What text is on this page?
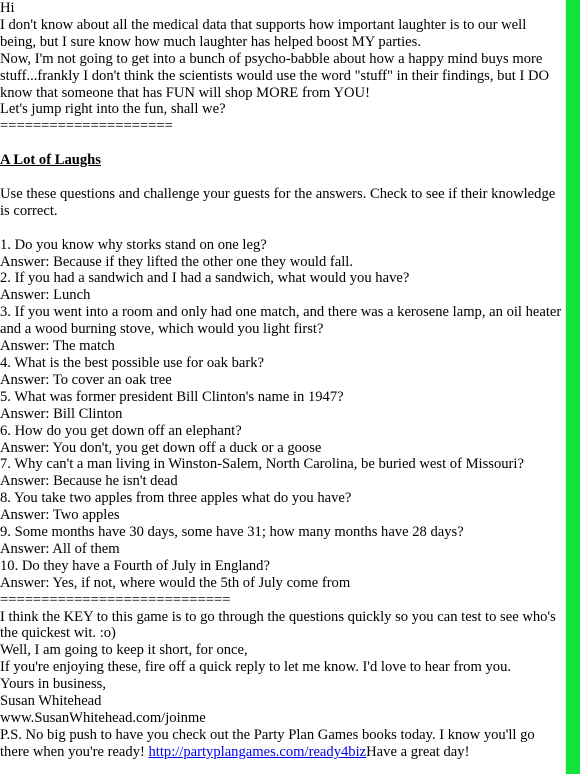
Hi

I don't know about all the medical data that supports how important laughter is to our well being, but I sure know how much laughter has helped boost MY parties.

Now, I'm not going to get into a bunch of psycho-babble about how a happy mind buys more stuff...frankly I don't think the scientists would use the word "stuff" in their findings, but I DO know that someone that has FUN will shop MORE from YOU!

Let's jump right into the fun, shall we?

=====================

A Lot of Laughs

Use these questions and challenge your guests for the answers. Check to see if their knowledge is correct.

1. Do you know why storks stand on one leg?

Answer: Because if they lifted the other one they would fall.

2. If you had a sandwich and I had a sandwich, what would you have?

Answer: Lunch

3. If you went into a room and only had one match, and there was a kerosene lamp, an oil heater and a wood burning stove, which would you light first?

Answer: The match

4. What is the best possible use for oak bark?

Answer: To cover an oak tree

5. What was former president Bill Clinton's name in 1947?

Answer: Bill Clinton

6. How do you get down off an elephant?

Answer: You don't, you get down off a duck or a goose

7. Why can't a man living in Winston-Salem, North Carolina, be buried west of Missouri?

Answer: Because he isn't dead

8. You take two apples from three apples what do you have?

Answer: Two apples

9. Some months have 30 days, some have 31; how many months have 28 days?

Answer: All of them

10. Do they have a Fourth of July in England?

Answer: Yes, if not, where would the 5th of July come from

============================

I think the KEY to this game is to go through the questions quickly so you can test to see who's the quickest wit. :o)

Well, I am going to keep it short, for once,

If you're enjoying these, fire off a quick reply to let me know. I'd love to hear from you.

Yours in business,

Susan Whitehead

www.SusanWhitehead.com/joinme

P.S. No big push to have you check out the Party Plan Games books today. I know you'll go there when you're ready! http://partyplangames.com/ready4bizHave a great day!
